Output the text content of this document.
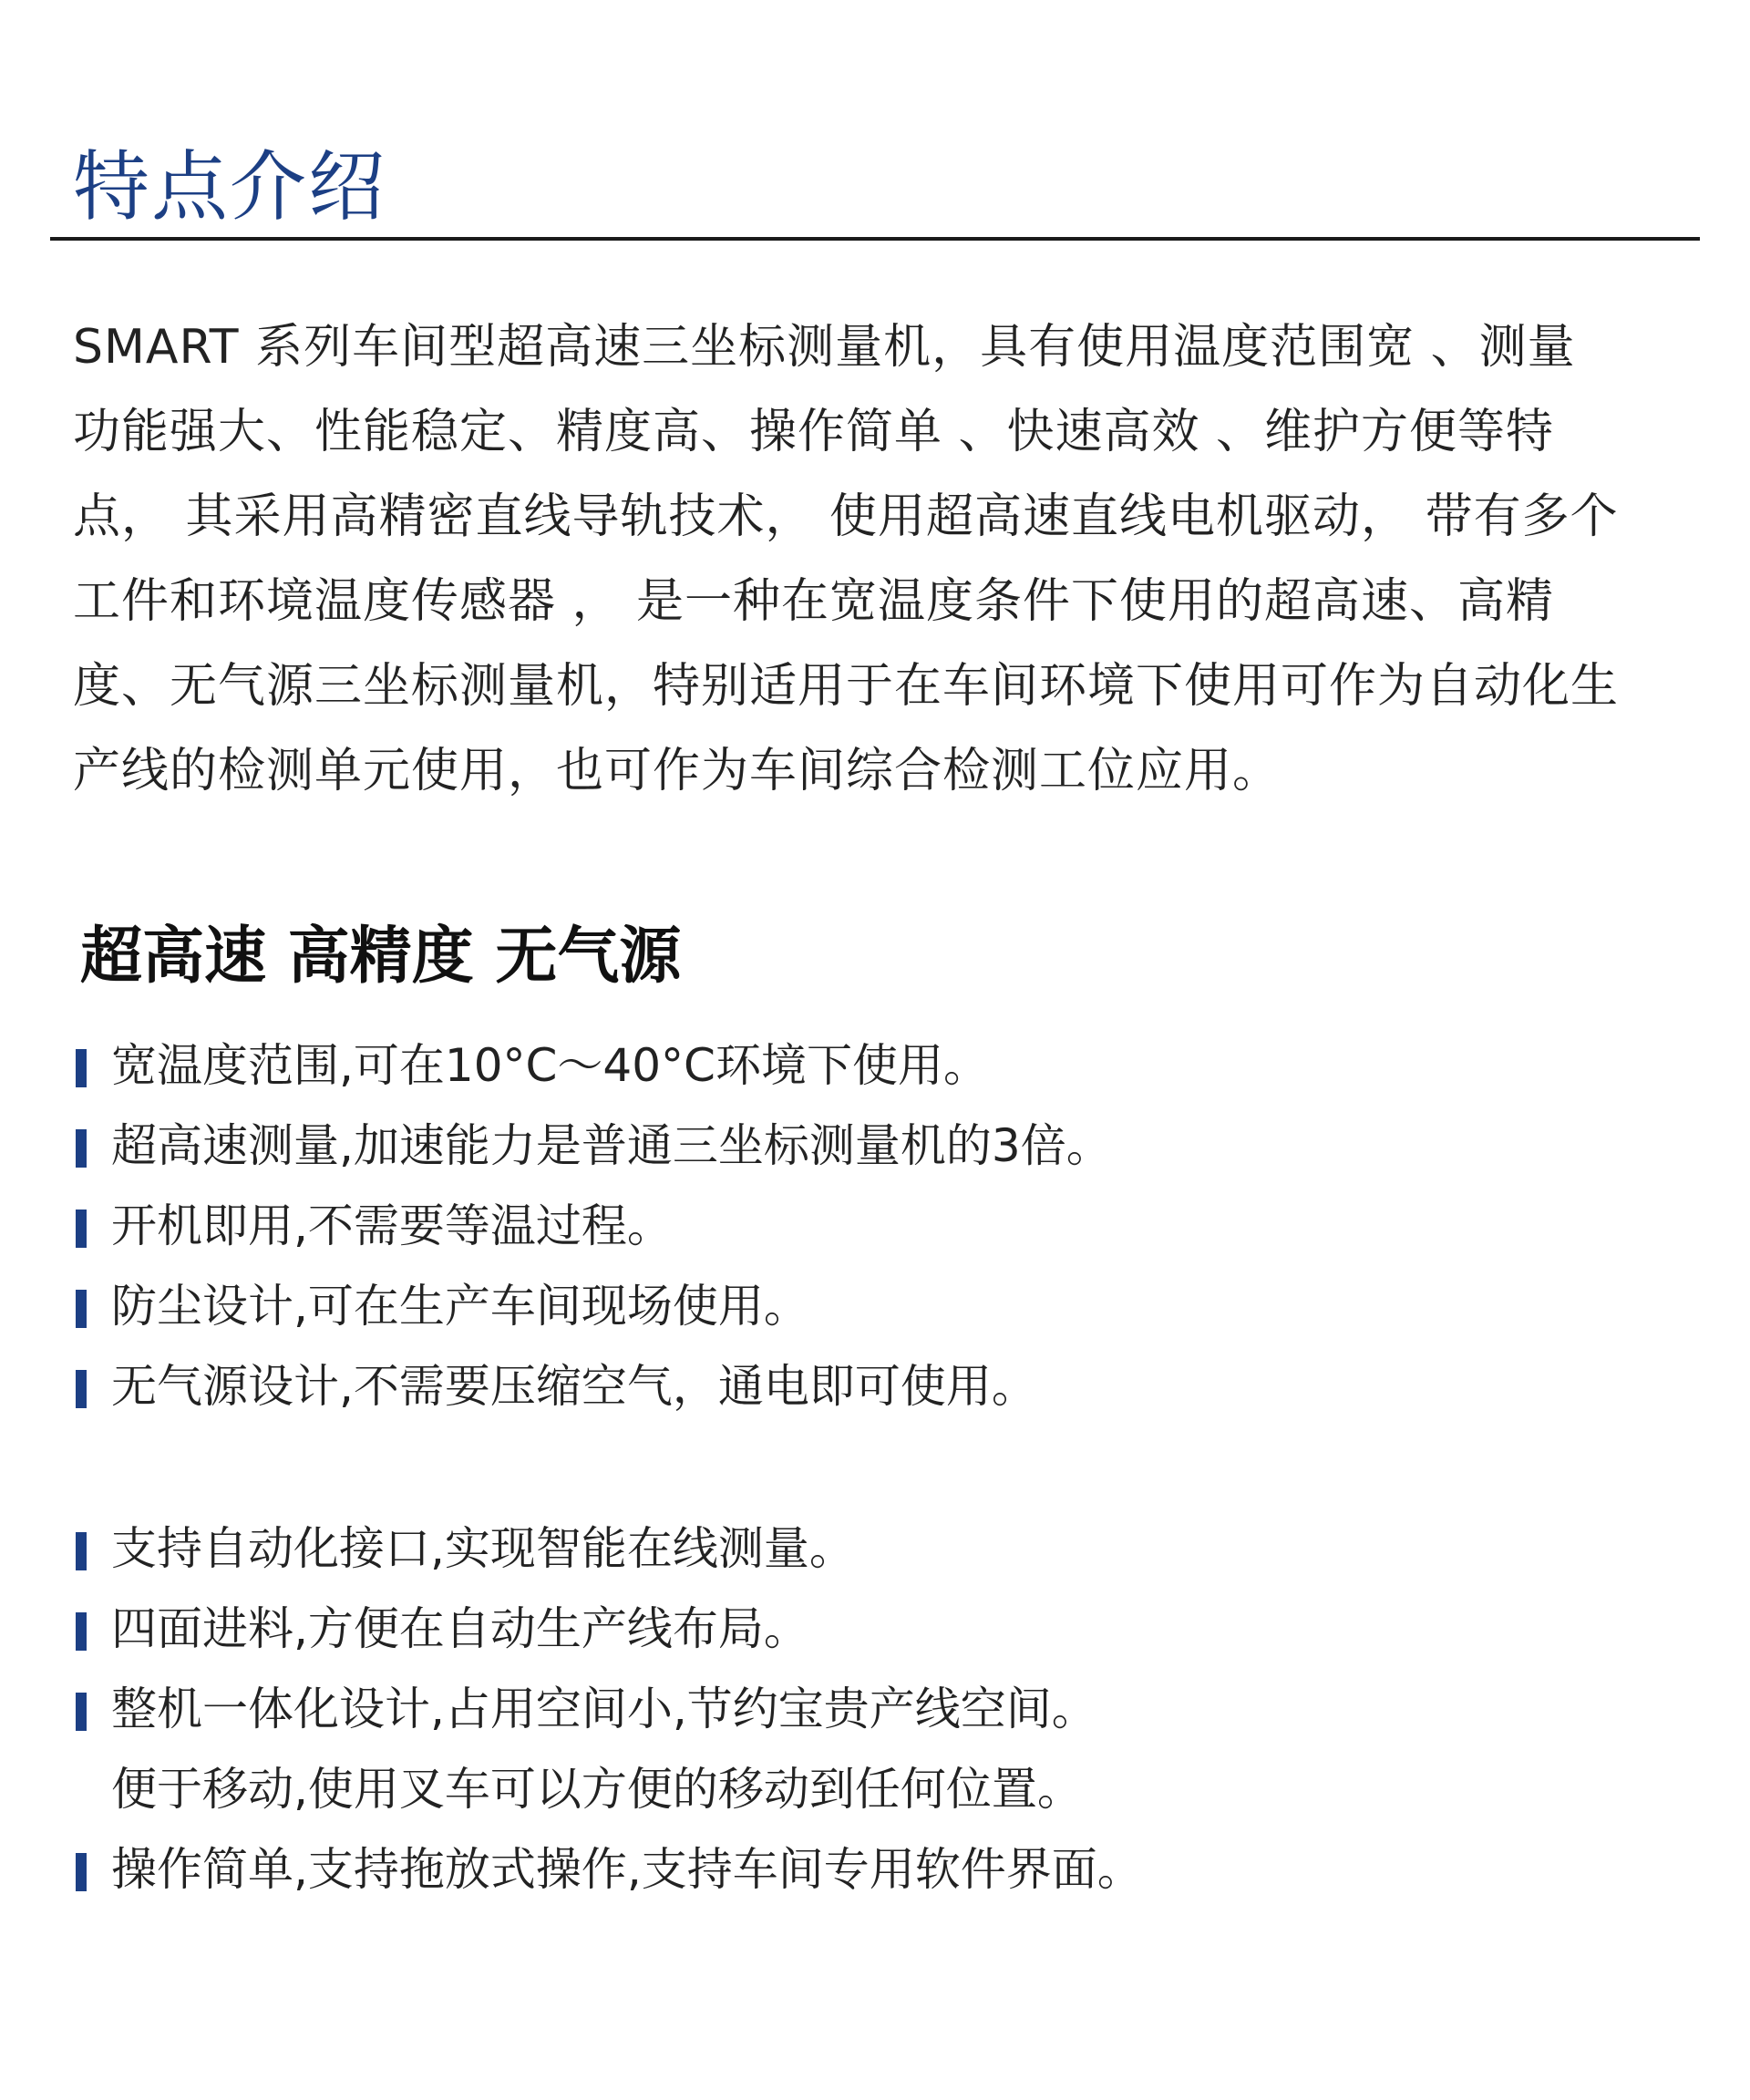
特点介绍

SMART 系列车间型超高速三坐标测量机，具有使用温度范围宽 、测量功能强大、性能稳定、精度高、操作简单 、快速高效 、维护方便等特点， 其采用高精密直线导轨技术， 使用超高速直线电机驱动， 带有多个工件和环境温度传感器 ， 是一种在宽温度条件下使用的超高速、高精度、无气源三坐标测量机，特别适用于在车间环境下使用可作为自动化生产线的检测单元使用，也可作为车间综合检测工位应用。

超高速 高精度 无气源
宽温度范围,可在10°C～40°C环境下使用。
超高速测量,加速能力是普通三坐标测量机的3倍。
开机即用,不需要等温过程。
防尘设计,可在生产车间现场使用。
无气源设计,不需要压缩空气，通电即可使用。
支持自动化接口,实现智能在线测量。
四面进料,方便在自动生产线布局。
整机一体化设计,占用空间小,节约宝贵产线空间。
便于移动,使用叉车可以方便的移动到任何位置。
操作简单,支持拖放式操作,支持车间专用软件界面。
